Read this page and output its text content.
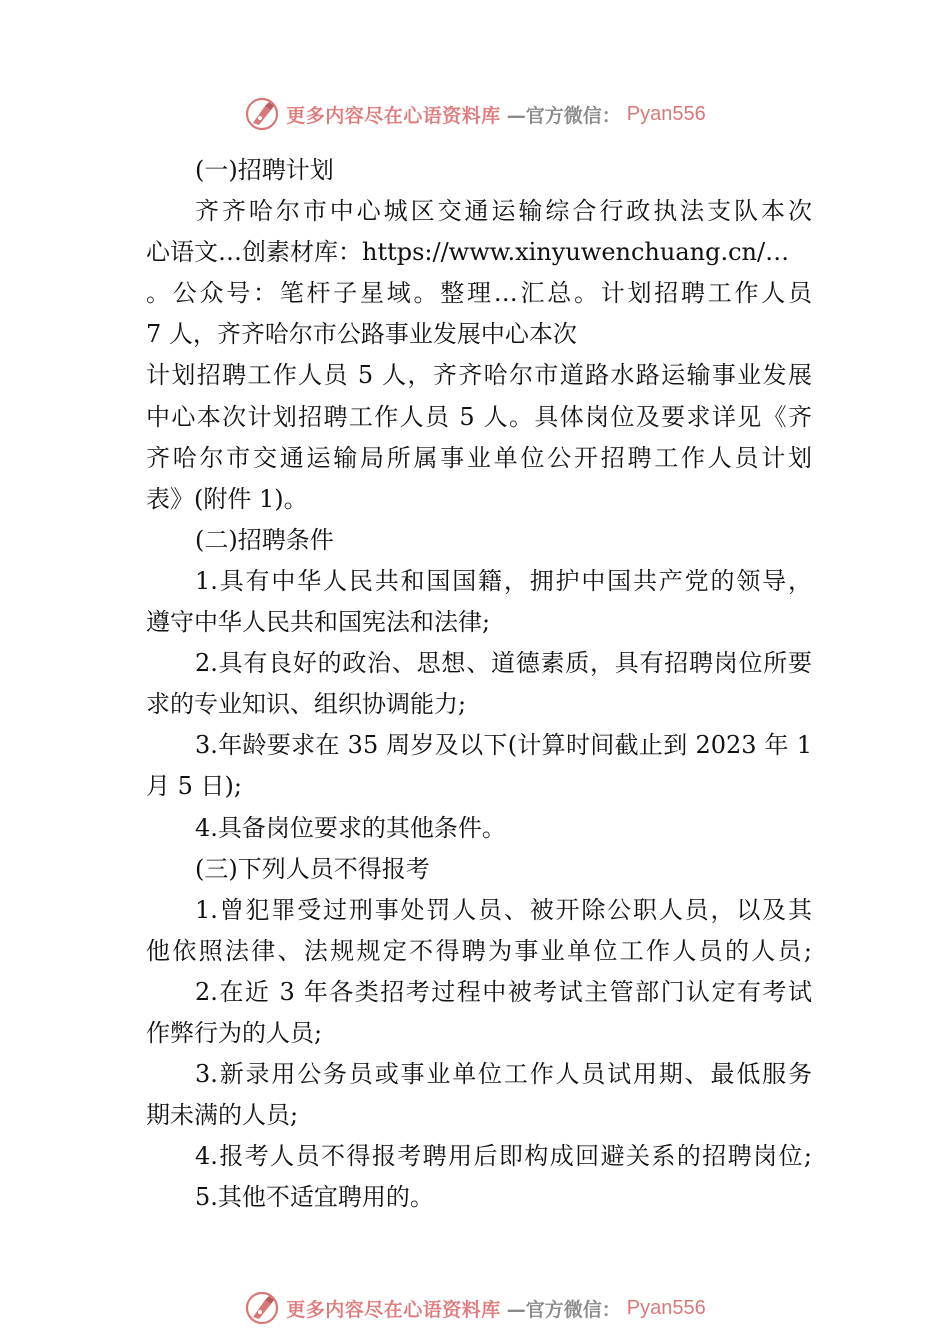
更多内容尽在心语资料库 —官方微信： Pyan556
(一)招聘计划
齐齐哈尔市中心城区交通运输综合行政执法支队本次
心语文…创素材库：https://www.xinyuwenchuang.cn/…
。公众号：笔杆子星域。整理…汇总。计划招聘工作人员
7 人，齐齐哈尔市公路事业发展中心本次
计划招聘工作人员 5 人，齐齐哈尔市道路水路运输事业发展
中心本次计划招聘工作人员 5 人。具体岗位及要求详见《齐
齐哈尔市交通运输局所属事业单位公开招聘工作人员计划
表》(附件 1)。
(二)招聘条件
1.具有中华人民共和国国籍，拥护中国共产党的领导，
遵守中华人民共和国宪法和法律;
2.具有良好的政治、思想、道德素质，具有招聘岗位所要
求的专业知识、组织协调能力;
3.年龄要求在 35 周岁及以下(计算时间截止到 2023 年 1
月 5 日);
4.具备岗位要求的其他条件。
(三)下列人员不得报考
1.曾犯罪受过刑事处罚人员、被开除公职人员，以及其
他依照法律、法规规定不得聘为事业单位工作人员的人员;
2.在近 3 年各类招考过程中被考试主管部门认定有考试
作弊行为的人员;
3.新录用公务员或事业单位工作人员试用期、最低服务
期未满的人员;
4.报考人员不得报考聘用后即构成回避关系的招聘岗位;
5.其他不适宜聘用的。
更多内容尽在心语资料库 —官方微信： Pyan556
